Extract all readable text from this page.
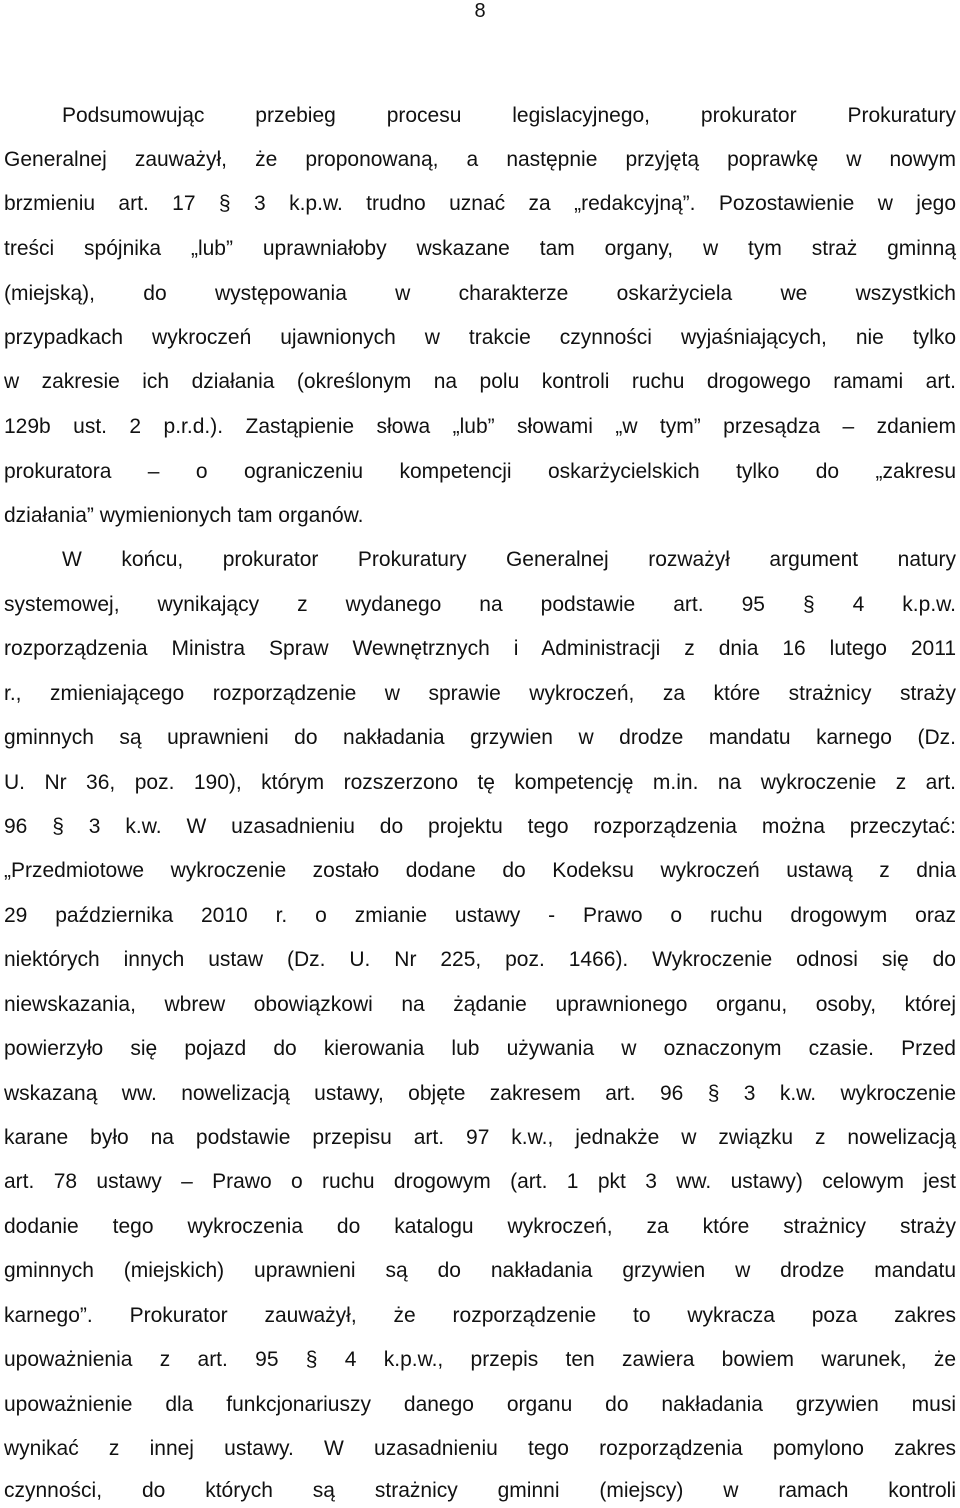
8
Podsumowując przebieg procesu legislacyjnego, prokurator Prokuratury
Generalnej zauważył, że proponowaną, a następnie przyjętą poprawkę w nowym
brzmieniu art. 17 § 3 k.p.w. trudno uznać za „redakcyjną”. Pozostawienie w jego
treści spójnika „lub” uprawniałoby wskazane tam organy, w tym straż gminną
(miejską), do występowania w charakterze oskarżyciela we wszystkich
przypadkach wykroczeń ujawnionych w trakcie czynności wyjaśniających, nie tylko
w zakresie ich działania (określonym na polu kontroli ruchu drogowego ramami art.
129b ust. 2 p.r.d.). Zastąpienie słowa „lub” słowami „w tym” przesądza – zdaniem
prokuratora – o ograniczeniu kompetencji oskarżycielskich tylko do „zakresu
działania” wymienionych tam organów.
W końcu, prokurator Prokuratury Generalnej rozważył argument natury
systemowej, wynikający z wydanego na podstawie art. 95 § 4 k.p.w.
rozporządzenia Ministra Spraw Wewnętrznych i Administracji z dnia 16 lutego 2011
r., zmieniającego rozporządzenie w sprawie wykroczeń, za które strażnicy straży
gminnych są uprawnieni do nakładania grzywien w drodze mandatu karnego (Dz.
U. Nr 36, poz. 190), którym rozszerzono tę kompetencję m.in. na wykroczenie z art.
96 § 3 k.w. W uzasadnieniu do projektu tego rozporządzenia można przeczytać:
„Przedmiotowe wykroczenie zostało dodane do Kodeksu wykroczeń ustawą z dnia
29 października 2010 r. o zmianie ustawy - Prawo o ruchu drogowym oraz
niektórych innych ustaw (Dz. U. Nr 225, poz. 1466). Wykroczenie odnosi się do
niewskazania, wbrew obowiązkowi na żądanie uprawnionego organu, osoby, której
powierzyło się pojazd do kierowania lub używania w oznaczonym czasie. Przed
wskazaną ww. nowelizacją ustawy, objęte zakresem art. 96 § 3 k.w. wykroczenie
karane było na podstawie przepisu art. 97 k.w., jednakże w związku z nowelizacją
art. 78 ustawy – Prawo o ruchu drogowym (art. 1 pkt 3 ww. ustawy) celowym jest
dodanie tego wykroczenia do katalogu wykroczeń, za które strażnicy straży
gminnych (miejskich) uprawnieni są do nakładania grzywien w drodze mandatu
karnego”. Prokurator zauważył, że rozporządzenie to wykracza poza zakres
upoważnienia z art. 95 § 4 k.p.w., przepis ten zawiera bowiem warunek, że
upoważnienie dla funkcjonariuszy danego organu do nakładania grzywien musi
wynikać z innej ustawy. W uzasadnieniu tego rozporządzenia pomylono zakres
czynności, do których są strażnicy gminni (miejscy) w ramach kontroli
